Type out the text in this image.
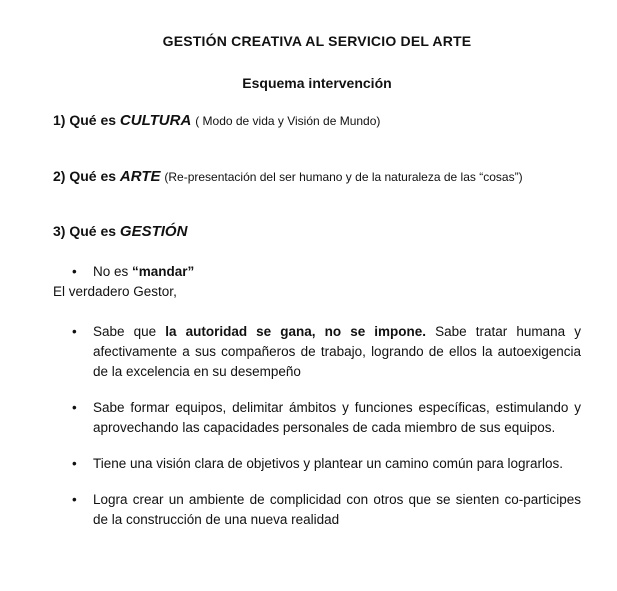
GESTIÓN CREATIVA AL SERVICIO DEL ARTE
Esquema intervención

1) Qué es CULTURA ( Modo de vida y Visión de Mundo)

2) Qué es ARTE (Re-presentación del ser humano y de la naturaleza de las “cosas”)

3) Qué es GESTIÓN

• No es “mandar”

El verdadero Gestor,

• Sabe que la autoridad se gana, no se impone. Sabe tratar humana y afectivamente a sus compañeros de trabajo, logrando de ellos la autoexigencia de la excelencia en su desempeño
• Sabe formar equipos, delimitar ámbitos y funciones específicas, estimulando y aprovechando las capacidades personales de cada miembro de sus equipos.
• Tiene una visión clara de objetivos y plantear un camino común para lograrlos.
• Logra crear un ambiente de complicidad con otros que se sienten co-participes de la construcción de una nueva realidad
